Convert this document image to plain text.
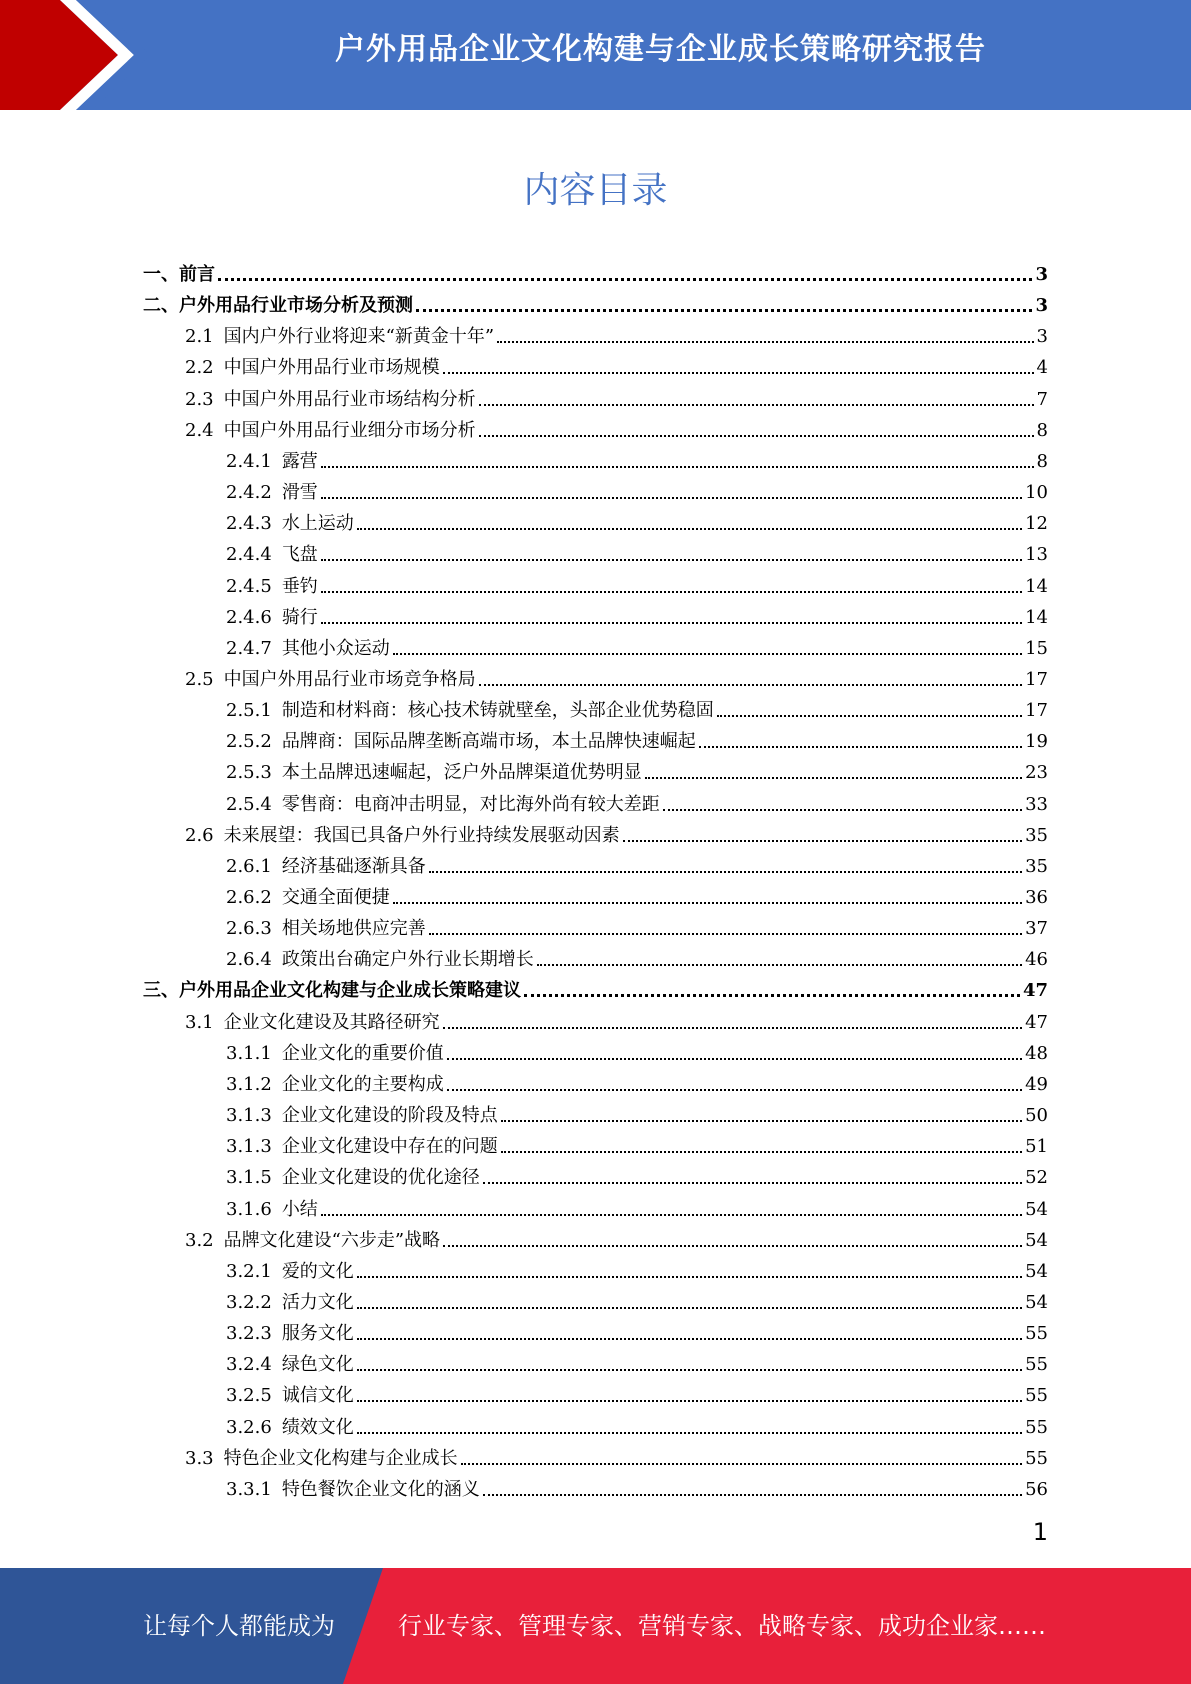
户外用品企业文化构建与企业成长策略研究报告
内容目录
一、前言	3
二、户外用品行业市场分析及预测	3
2.1 国内户外行业将迎来“新黄金十年”	3
2.2 中国户外用品行业市场规模	4
2.3 中国户外用品行业市场结构分析	7
2.4 中国户外用品行业细分市场分析	8
2.4.1 露营	8
2.4.2 滑雪	10
2.4.3 水上运动	12
2.4.4 飞盘	13
2.4.5 垂钓	14
2.4.6 骑行	14
2.4.7 其他小众运动	15
2.5 中国户外用品行业市场竞争格局	17
2.5.1 制造和材料商：核心技术铸就壁垒，头部企业优势稳固	17
2.5.2 品牌商：国际品牌垄断高端市场，本土品牌快速崛起	19
2.5.3 本土品牌迅速崛起，泛户外品牌渠道优势明显	23
2.5.4 零售商：电商冲击明显，对比海外尚有较大差距	33
2.6 未来展望：我国已具备户外行业持续发展驱动因素	35
2.6.1 经济基础逐渐具备	35
2.6.2 交通全面便捷	36
2.6.3 相关场地供应完善	37
2.6.4 政策出台确定户外行业长期增长	46
三、户外用品企业文化构建与企业成长策略建议	47
3.1 企业文化建设及其路径研究	47
3.1.1 企业文化的重要价值	48
3.1.2 企业文化的主要构成	49
3.1.3 企业文化建设的阶段及特点	50
3.1.3 企业文化建设中存在的问题	51
3.1.5 企业文化建设的优化途径	52
3.1.6 小结	54
3.2 品牌文化建设“六步走”战略	54
3.2.1 爱的文化	54
3.2.2 活力文化	54
3.2.3 服务文化	55
3.2.4 绿色文化	55
3.2.5 诚信文化	55
3.2.6 绩效文化	55
3.3 特色企业文化构建与企业成长	55
3.3.1 特色餐饮企业文化的涵义	56
1
让每个人都能成为	行业专家、管理专家、营销专家、战略专家、成功企业家……
